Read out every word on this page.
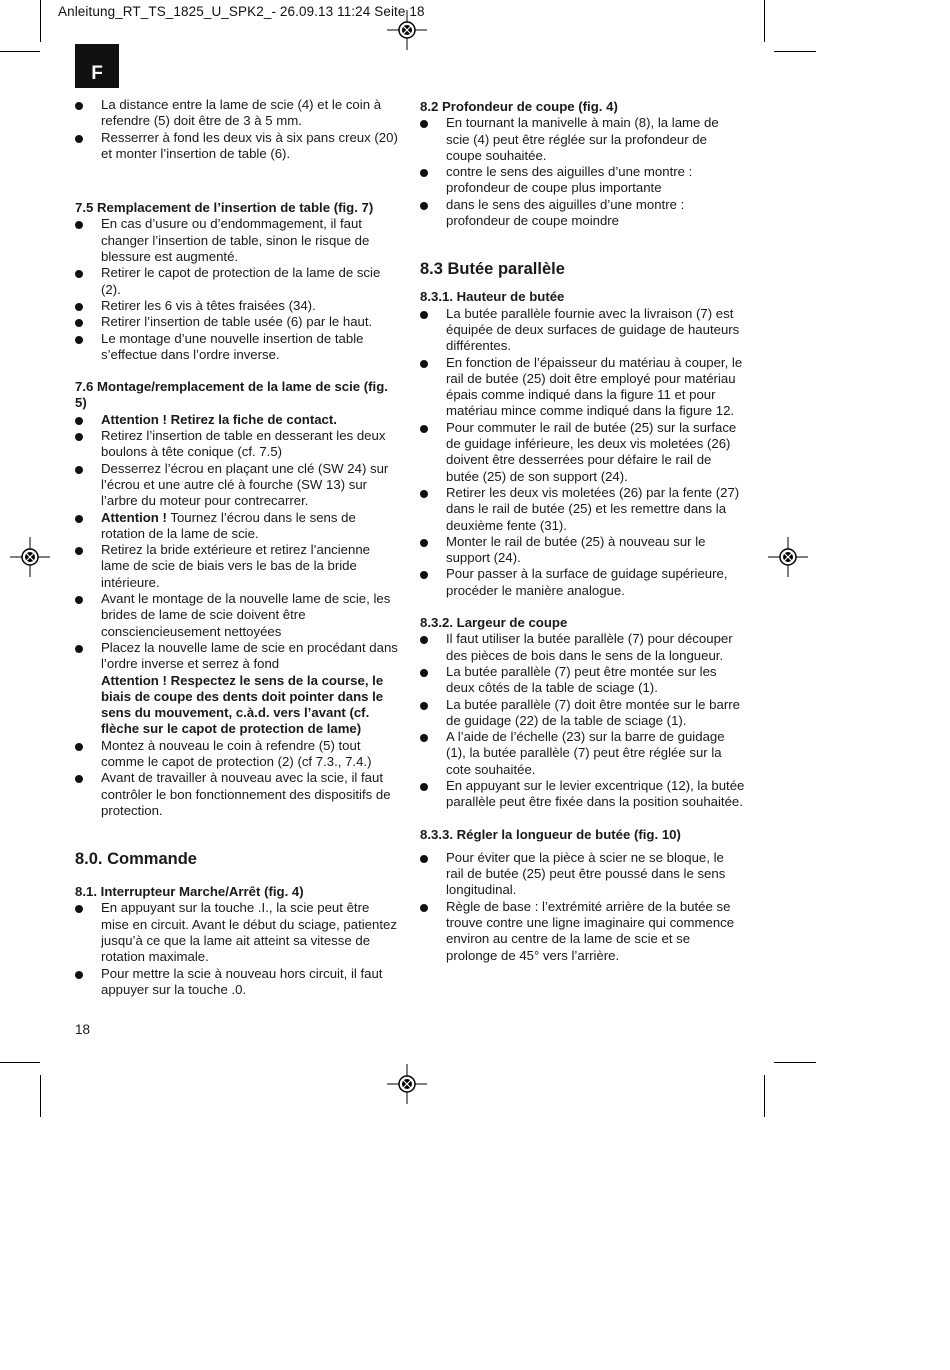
Anleitung_RT_TS_1825_U_SPK2_- 26.09.13 11:24 Seite 18
F
La distance entre la lame de scie (4) et le coin à refendre (5) doit être de 3 à 5 mm.
Resserrer à fond les deux vis à six pans creux (20) et monter l’insertion de table (6).
7.5 Remplacement de l’insertion de table (fig. 7)
En cas d’usure ou d’endommagement, il faut changer l’insertion de table, sinon le risque de blessure est augmenté.
Retirer le capot de protection de la lame de scie (2).
Retirer les 6 vis à têtes fraisées (34).
Retirer l’insertion de table usée (6) par le haut.
Le montage d’une nouvelle insertion de table s’effectue dans l’ordre inverse.
7.6 Montage/remplacement de la lame de scie (fig. 5)
Attention ! Retirez la fiche de contact.
Retirez l’insertion de table en desserant les deux boulons à tête conique (cf. 7.5)
Desserrez l’écrou en plaçant une clé (SW 24) sur l’écrou et une autre clé à fourche (SW 13) sur l’arbre du moteur pour contrecarrer.
Attention ! Tournez l’écrou dans le sens de rotation de la lame de scie.
Retirez la bride extérieure et retirez l’ancienne lame de scie de biais vers le bas de la bride intérieure.
Avant le montage de la nouvelle lame de scie, les brides de lame de scie doivent être consciencieusement nettoyées
Placez la nouvelle lame de scie en procédant dans l’ordre inverse et serrez à fond
Attention ! Respectez le sens de la course, le biais de coupe des dents doit pointer dans le sens du mouvement, c.à.d. vers l’avant (cf. flèche sur le capot de protection de lame)
Montez à nouveau le coin à refendre (5) tout comme le capot de protection (2) (cf 7.3., 7.4.)
Avant de travailler à nouveau avec la scie, il faut contrôler le bon fonctionnement des dispositifs de protection.
8.0. Commande
8.1. Interrupteur Marche/Arrêt (fig. 4)
En appuyant sur la touche .I., la scie peut être mise en circuit. Avant le début du sciage, patientez jusqu’à ce que la lame ait atteint sa vitesse de rotation maximale.
Pour mettre la scie à nouveau hors circuit, il faut appuyer sur la touche .0.
8.2 Profondeur de coupe (fig. 4)
En tournant la manivelle à main (8), la lame de scie (4) peut être réglée sur la profondeur de coupe souhaitée.
contre le sens des aiguilles d’une montre : profondeur de coupe plus importante
dans le sens des aiguilles d’une montre : profondeur de coupe moindre
8.3 Butée parallèle
8.3.1. Hauteur de butée
La butée parallèle fournie avec la livraison (7) est équipée de deux surfaces de guidage de hauteurs différentes.
En fonction de l’épaisseur du matériau à couper, le rail de butée (25) doit être employé pour matériau épais comme indiqué dans la figure 11 et pour matériau mince comme indiqué dans la figure 12.
Pour commuter le rail de butée (25) sur la surface de guidage inférieure, les deux vis moletées (26) doivent être desserrées pour défaire le rail de butée (25) de son support (24).
Retirer les deux vis moletées (26) par la fente (27) dans le rail de butée (25) et les remettre dans la deuxième fente (31).
Monter le rail de butée (25) à nouveau sur le support (24).
Pour passer à la surface de guidage supérieure, procéder le manière analogue.
8.3.2. Largeur de coupe
Il faut utiliser la butée parallèle (7) pour découper des pièces de bois dans le sens de la longueur.
La butée parallèle (7) peut être montée sur les deux côtés de la table de sciage (1).
La butée parallèle (7) doit être montée sur le barre de guidage (22) de la table de sciage (1).
A l’aide de l’échelle (23) sur la barre de guidage (1), la butée parallèle (7) peut être réglée sur la cote souhaitée.
En appuyant sur le levier excentrique (12), la butée parallèle peut être fixée dans la position souhaitée.
8.3.3. Régler la longueur de butée (fig. 10)
Pour éviter que la pièce à scier ne se bloque, le rail de butée (25) peut être poussé dans le sens longitudinal.
Règle de base : l’extrémité arrière de la butée se trouve contre une ligne imaginaire qui commence environ au centre de la lame de scie et se prolonge de 45° vers l’arrière.
18
